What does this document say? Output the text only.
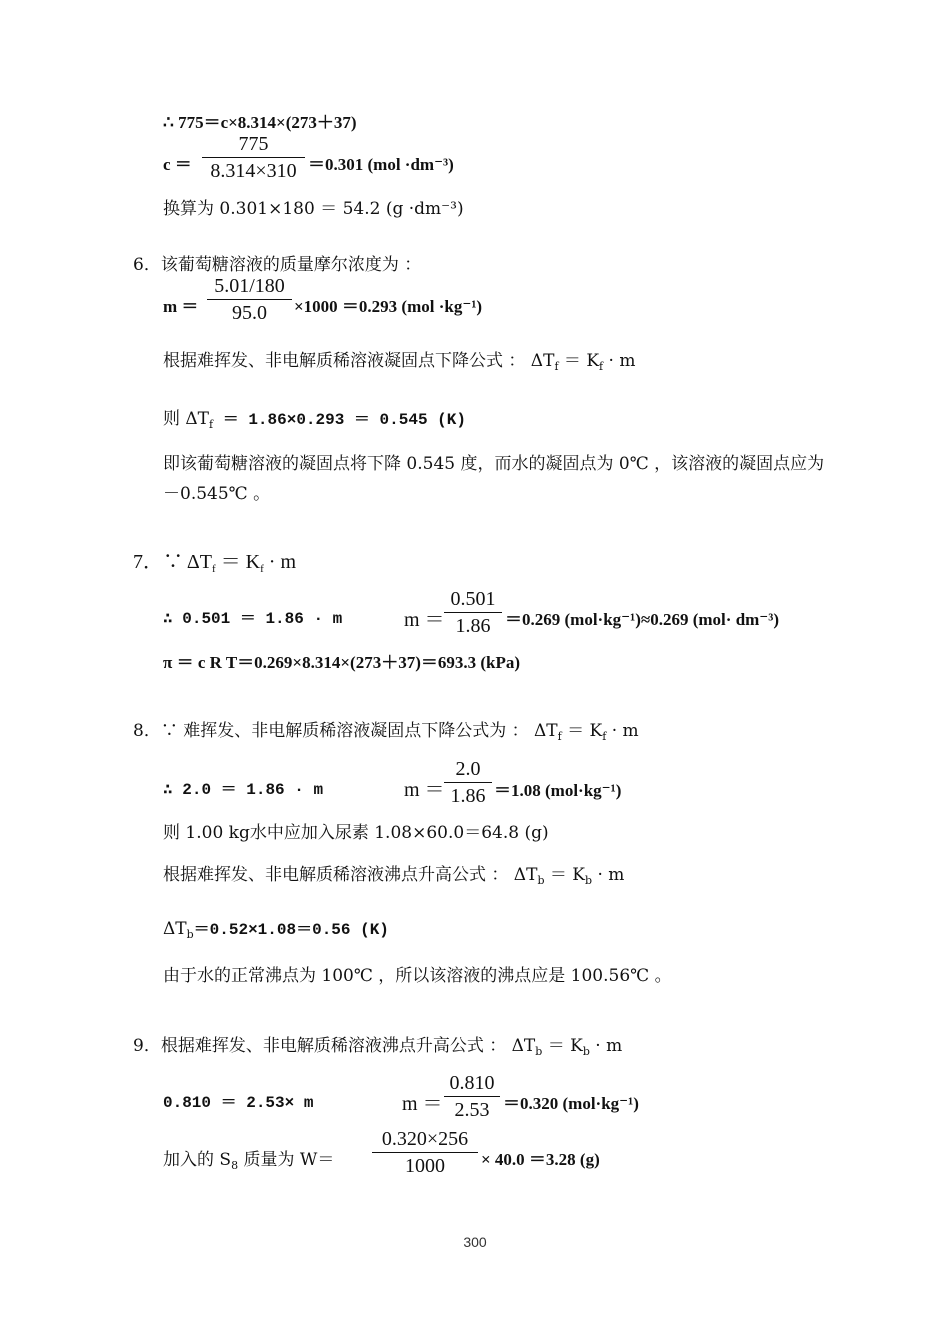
∴ 775＝c×8.314×(273＋37)
$c = \frac{775}{8.314\times 310} =0.301$ (mol ·dm⁻³)
换算为 0.301×180 ＝ 54.2 (g ·dm⁻³)
6．该葡萄糖溶液的质量摩尔浓度为 ：
$m = \frac{5.01/180}{95.0} \times 1000 =0.293$ (mol ·kg⁻¹)
根据难挥发、非电解质稀溶液凝固点下降公式 ： $\Delta T_f = K_f \cdot m$
则 $\Delta T_f = 1.86\times 0.293 = 0.545$ (K)
即该葡萄糖溶液的凝固点将下降 0.545 度，而水的凝固点为 0℃ ，该溶液的凝固点应为
－0.545℃ 。
7．∵ $\Delta T_f = K_f \cdot m$
∴ 0.501 ＝ 1.86 · m	$m = \frac{0.501}{1.86} =0.269$ (mol·kg⁻¹)≈0.269 (mol· dm⁻³)
π ＝ c R T＝0.269×8.314×(273＋37)＝693.3 (kPa)
8．∵ 难挥发、非电解质稀溶液凝固点下降公式为 ： $\Delta T_f = K_f \cdot m$
∴ 2.0 ＝ 1.86 · m	$m = \frac{2.0}{1.86} =1.08$ (mol·kg⁻¹)
则 1.00 kg水中应加入尿素 1.08×60.0＝64.8 (g)
根据难挥发、非电解质稀溶液沸点升高公式 ： $\Delta T_b = K_b \cdot m$
$\Delta T_b=0.52\times 1.08=0.56$ (K)
由于水的正常沸点为 100℃ ，所以该溶液的沸点应是 100.56℃ 。
9．根据难挥发、非电解质稀溶液沸点升高公式 ： $\Delta T_b = K_b \cdot m$
0.810 ＝ 2.53× m	$m = \frac{0.810}{2.53} =0.320$ (mol·kg⁻¹)
加入的 $S_8$ 质量为 $W= \frac{0.320\times 256}{1000} \times 40.0 =3.28$ (g)
300
